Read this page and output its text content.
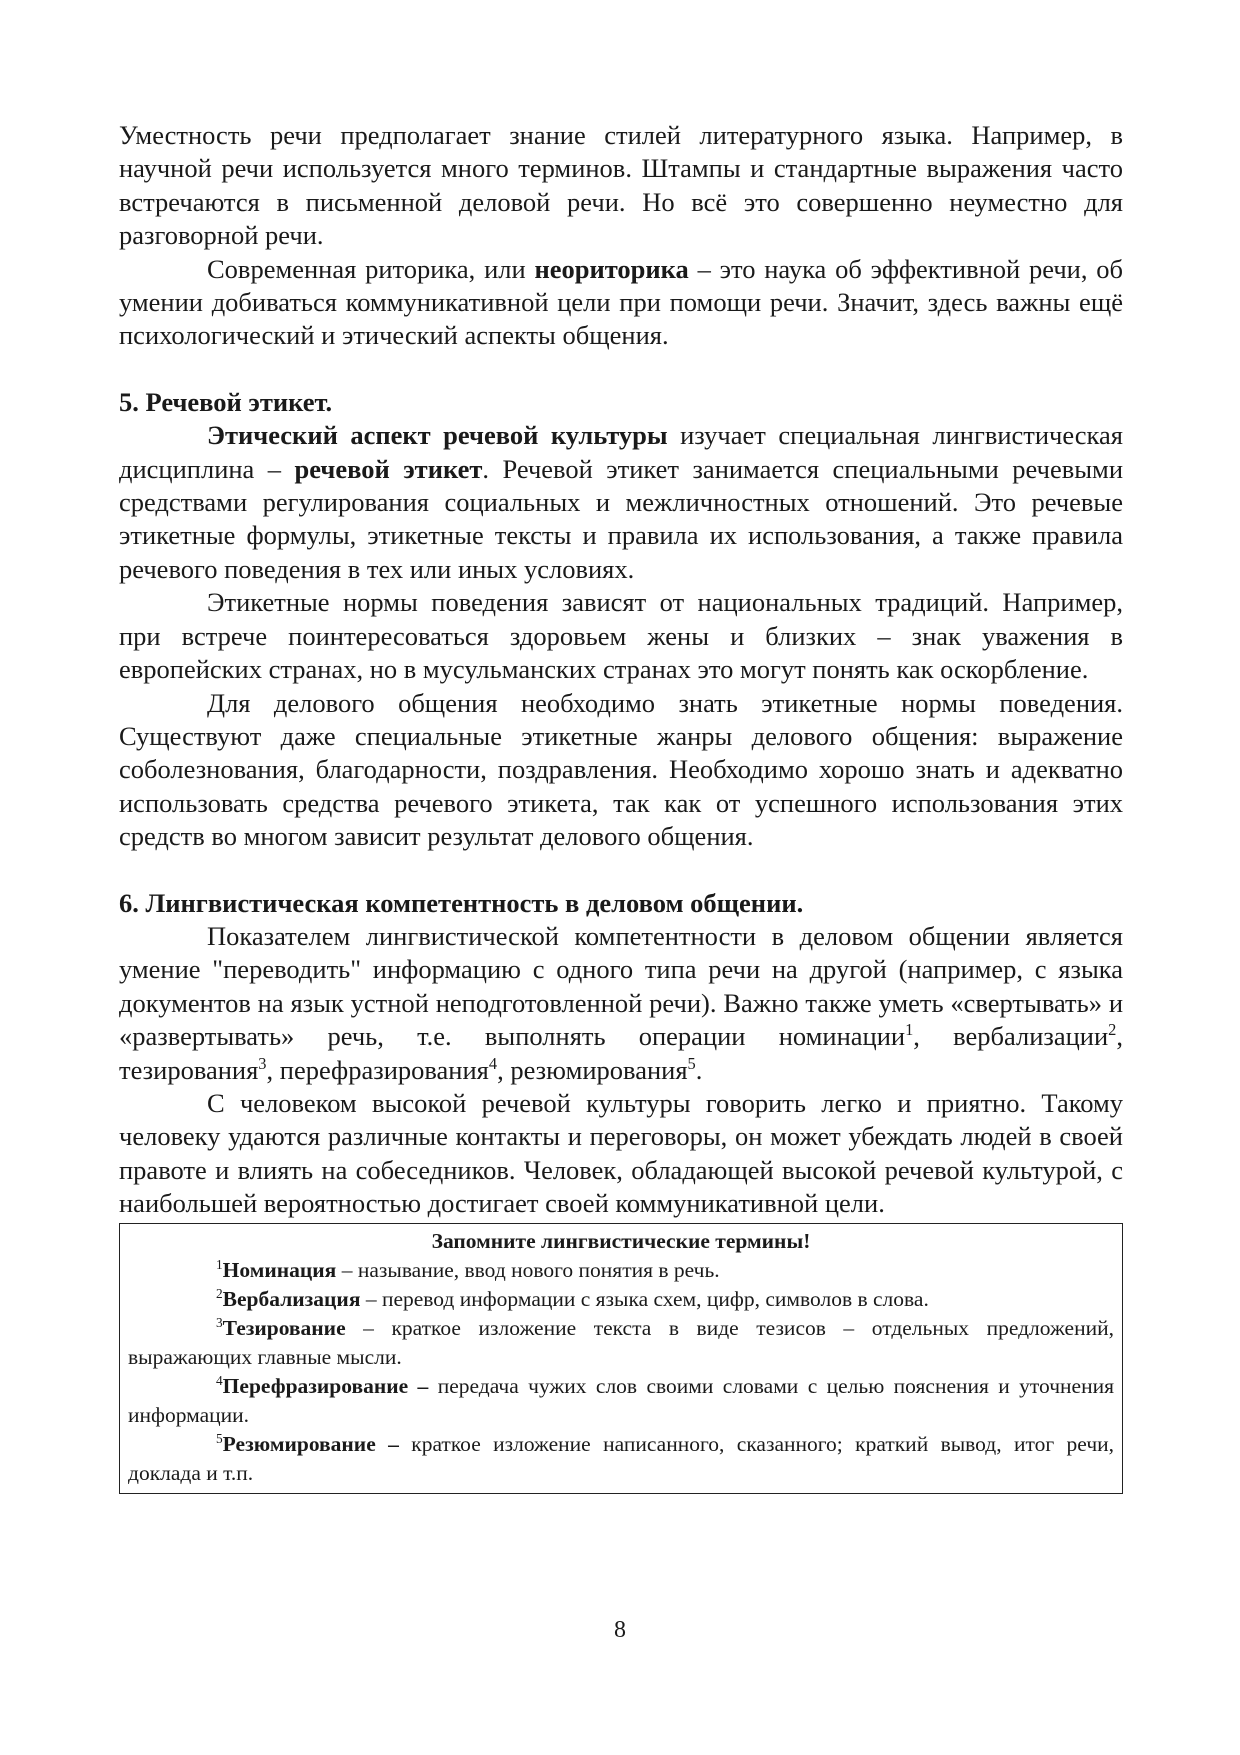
Уместность речи предполагает знание стилей литературного языка. Например, в научной речи используется много терминов. Штампы и стандартные выражения часто встречаются в письменной деловой речи. Но всё это совершенно неуместно для разговорной речи.

Современная риторика, или неориторика – это наука об эффективной речи, об умении добиваться коммуникативной цели при помощи речи. Значит, здесь важны ещё психологический и этический аспекты общения.

5. Речевой этикет.

Этический аспект речевой культуры изучает специальная лингвистическая дисциплина – речевой этикет. Речевой этикет занимается специальными речевыми средствами регулирования социальных и межличностных отношений. Это речевые этикетные формулы, этикетные тексты и правила их использования, а также правила речевого поведения в тех или иных условиях.

Этикетные нормы поведения зависят от национальных традиций. Например, при встрече поинтересоваться здоровьем жены и близких – знак уважения в европейских странах, но в мусульманских странах это могут понять как оскорбление.

Для делового общения необходимо знать этикетные нормы поведения. Существуют даже специальные этикетные жанры делового общения: выражение соболезнования, благодарности, поздравления. Необходимо хорошо знать и адекватно использовать средства речевого этикета, так как от успешного использования этих средств во многом зависит результат делового общения.

6. Лингвистическая компетентность в деловом общении.

Показателем лингвистической компетентности в деловом общении является умение "переводить" информацию с одного типа речи на другой (например, с языка документов на язык устной неподготовленной речи). Важно также уметь «свертывать» и «развертывать» речь, т.е. выполнять операции номинации$^1$, вербализации$^2$, тезирования$^3$, перефразирования$^4$, резюмирования$^5$.

С человеком высокой речевой культуры говорить легко и приятно. Такому человеку удаются различные контакты и переговоры, он может убеждать людей в своей правоте и влиять на собеседников. Человек, обладающей высокой речевой культурой, с наибольшей вероятностью достигает своей коммуникативной цели.

Запомните лингвистические термины!

$^1$Номинация – называние, ввод нового понятия в речь.

$^2$Вербализация – перевод информации с языка схем, цифр, символов в слова.

$^3$Тезирование – краткое изложение текста в виде тезисов – отдельных предложений, выражающих главные мысли.

$^4$Перефразирование – передача чужих слов своими словами с целью пояснения и уточнения информации.

$^5$Резюмирование – краткое изложение написанного, сказанного; краткий вывод, итог речи, доклада и т.п.

8
